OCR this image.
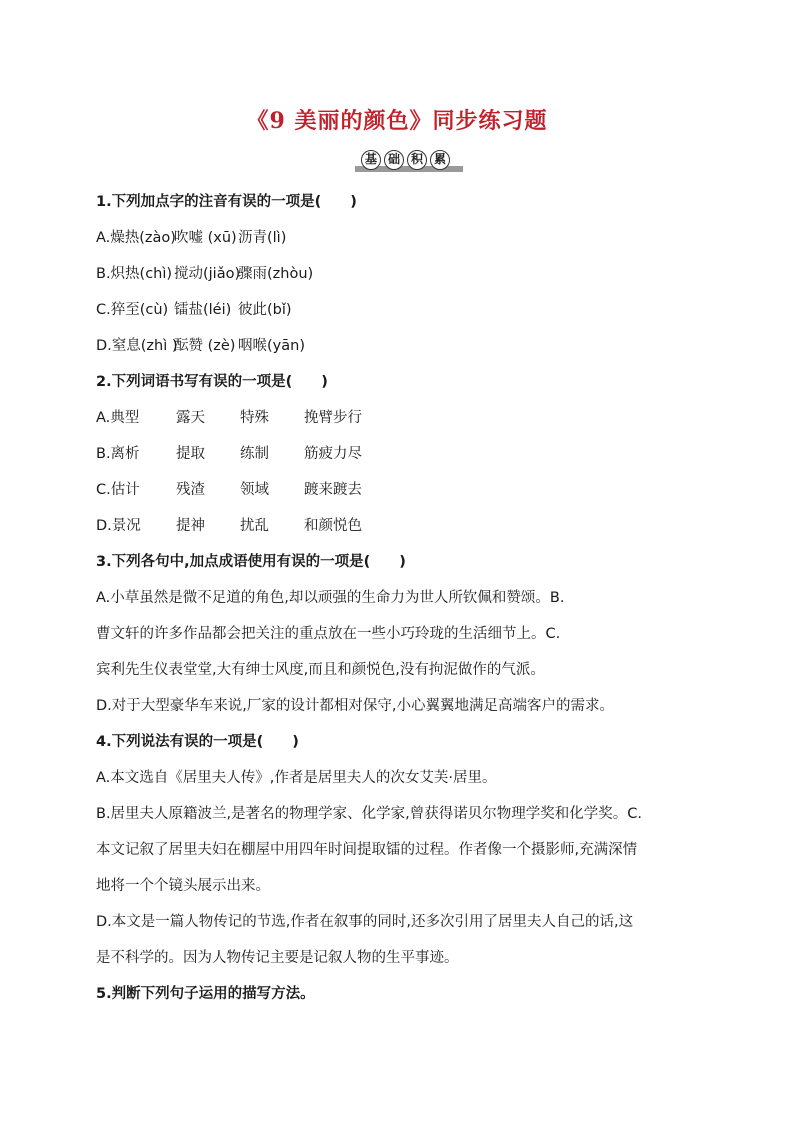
《9 美丽的颜色》同步练习题
基 础 积 累
1.下列加点字的注音有误的一项是(　　)
A.燥热(zào)
吹嘘 (xū) 沥青(lì)
B.炽热(chì) 搅动(jiǎo)
骤雨(zhòu)
C.猝至(cù) 镭盐(léi) 彼此(bǐ)
D.窒息(zhì )
酝赞 (zè) 咽喉(yān)
2.下列词语书写有误的一项是(　　)
A.典型	露天	特殊	挽臂步行
B.离析	提取	练制	筋疲力尽
C.估计	残渣	领域	踱来踱去
D.景况	提神	扰乱	和颜悦色
3.下列各句中,加点成语使用有误的一项是(　　)
A.小草虽然是微不足道的角色,却以顽强的生命力为世人所钦佩和赞颂。B.
曹文轩的许多作品都会把关注的重点放在一些小巧玲珑的生活细节上。C.
宾利先生仪表堂堂,大有绅士风度,而且和颜悦色,没有拘泥做作的气派。
D.对于大型豪华车来说,厂家的设计都相对保守,小心翼翼地满足高端客户的需求。
4.下列说法有误的一项是(　　)
A.本文选自《居里夫人传》,作者是居里夫人的次女艾芙·居里。
B.居里夫人原籍波兰,是著名的物理学家、化学家,曾获得诺贝尔物理学奖和化学奖。C.
本文记叙了居里夫妇在棚屋中用四年时间提取镭的过程。作者像一个摄影师,充满深情
地将一个个镜头展示出来。
D.本文是一篇人物传记的节选,作者在叙事的同时,还多次引用了居里夫人自己的话,这
是不科学的。因为人物传记主要是记叙人物的生平事迹。
5.判断下列句子运用的描写方法。
